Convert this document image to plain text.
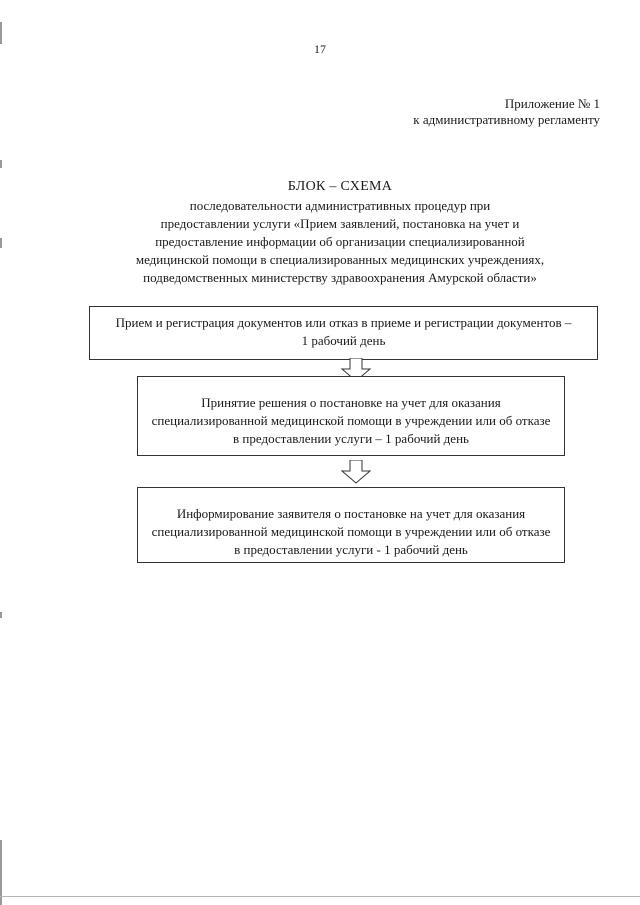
17
Приложение № 1
к административному регламенту
БЛОК – СХЕМА
последовательности административных процедур при
предоставлении услуги «Прием заявлений, постановка на учет и
предоставление информации об организации специализированной
медицинской помощи в специализированных медицинских учреждениях,
подведомственных министерству здравоохранения Амурской области»
Прием и регистрация документов или отказ в приеме и регистрации документов –
1 рабочий день
Принятие решения о постановке на учет для оказания
специализированной медицинской помощи в учреждении или об отказе
в предоставлении услуги – 1 рабочий день
Информирование заявителя о постановке на учет для оказания
специализированной медицинской помощи в учреждении или об отказе
в предоставлении услуги - 1 рабочий день
